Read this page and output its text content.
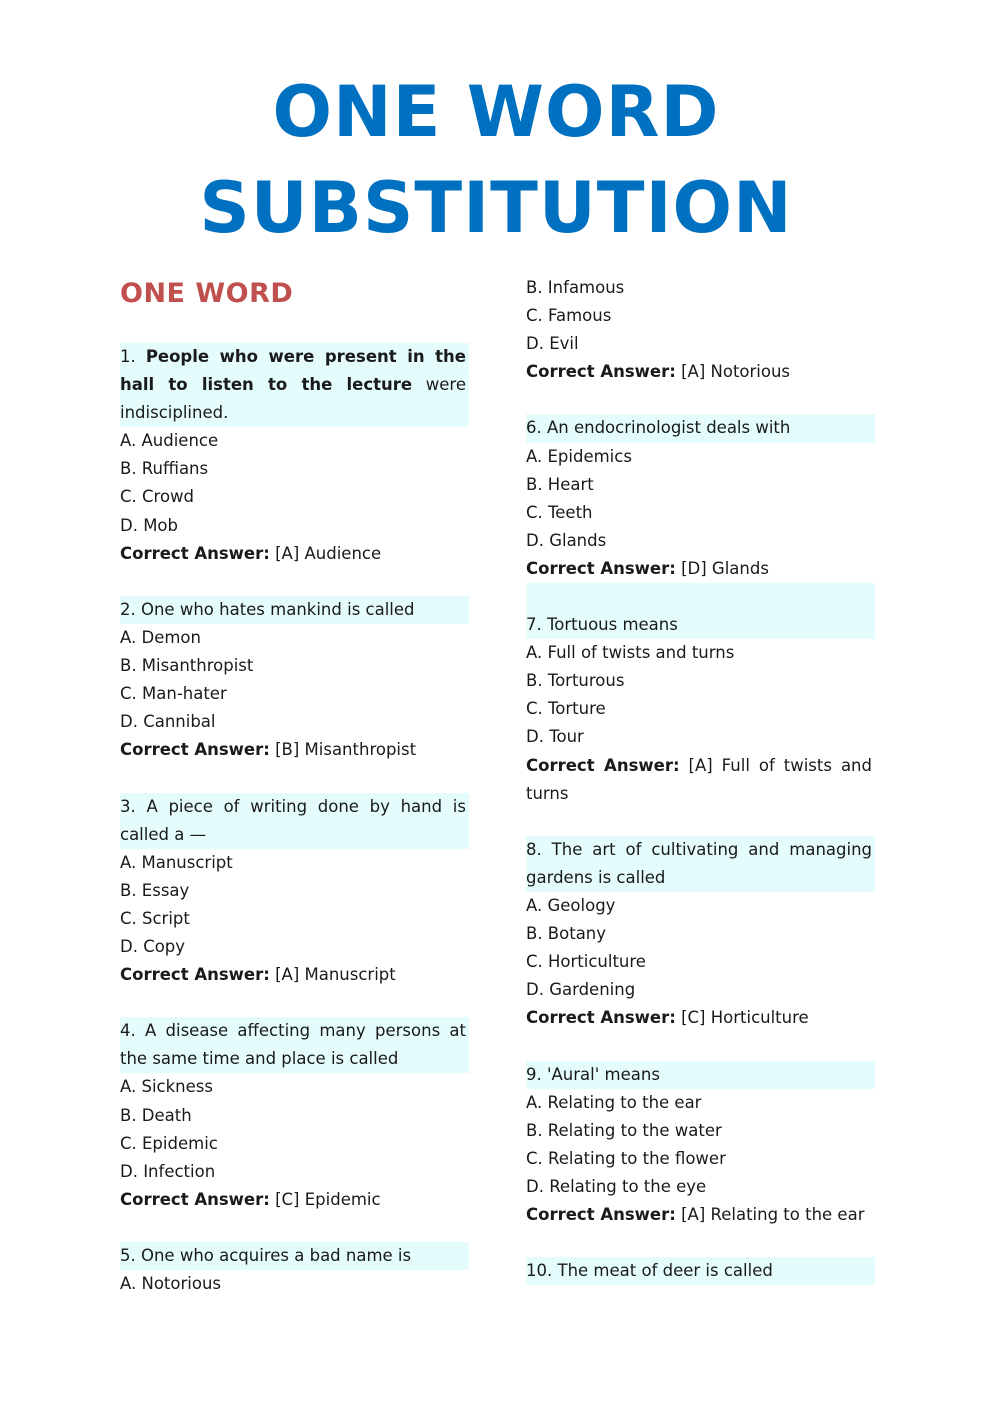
ONE WORD
SUBSTITUTION
ONE WORD
1. People who were present in the hall to listen to the lecture were indisciplined.
A. Audience
B. Ruffians
C. Crowd
D. Mob
Correct Answer: [A] Audience
2. One who hates mankind is called
A. Demon
B. Misanthropist
C. Man-hater
D. Cannibal
Correct Answer: [B] Misanthropist
3. A piece of writing done by hand is called a —
A. Manuscript
B. Essay
C. Script
D. Copy
Correct Answer: [A] Manuscript
4. A disease affecting many persons at the same time and place is called
A. Sickness
B. Death
C. Epidemic
D. Infection
Correct Answer: [C] Epidemic
5. One who acquires a bad name is
A. Notorious
B. Infamous
C. Famous
D. Evil
Correct Answer: [A] Notorious
6. An endocrinologist deals with
A. Epidemics
B. Heart
C. Teeth
D. Glands
Correct Answer: [D] Glands
7. Tortuous means
A. Full of twists and turns
B. Torturous
C. Torture
D. Tour
Correct Answer: [A] Full of twists and turns
8. The art of cultivating and managing gardens is called
A. Geology
B. Botany
C. Horticulture
D. Gardening
Correct Answer: [C] Horticulture
9. 'Aural' means
A. Relating to the ear
B. Relating to the water
C. Relating to the flower
D. Relating to the eye
Correct Answer: [A] Relating to the ear
10. The meat of deer is called
